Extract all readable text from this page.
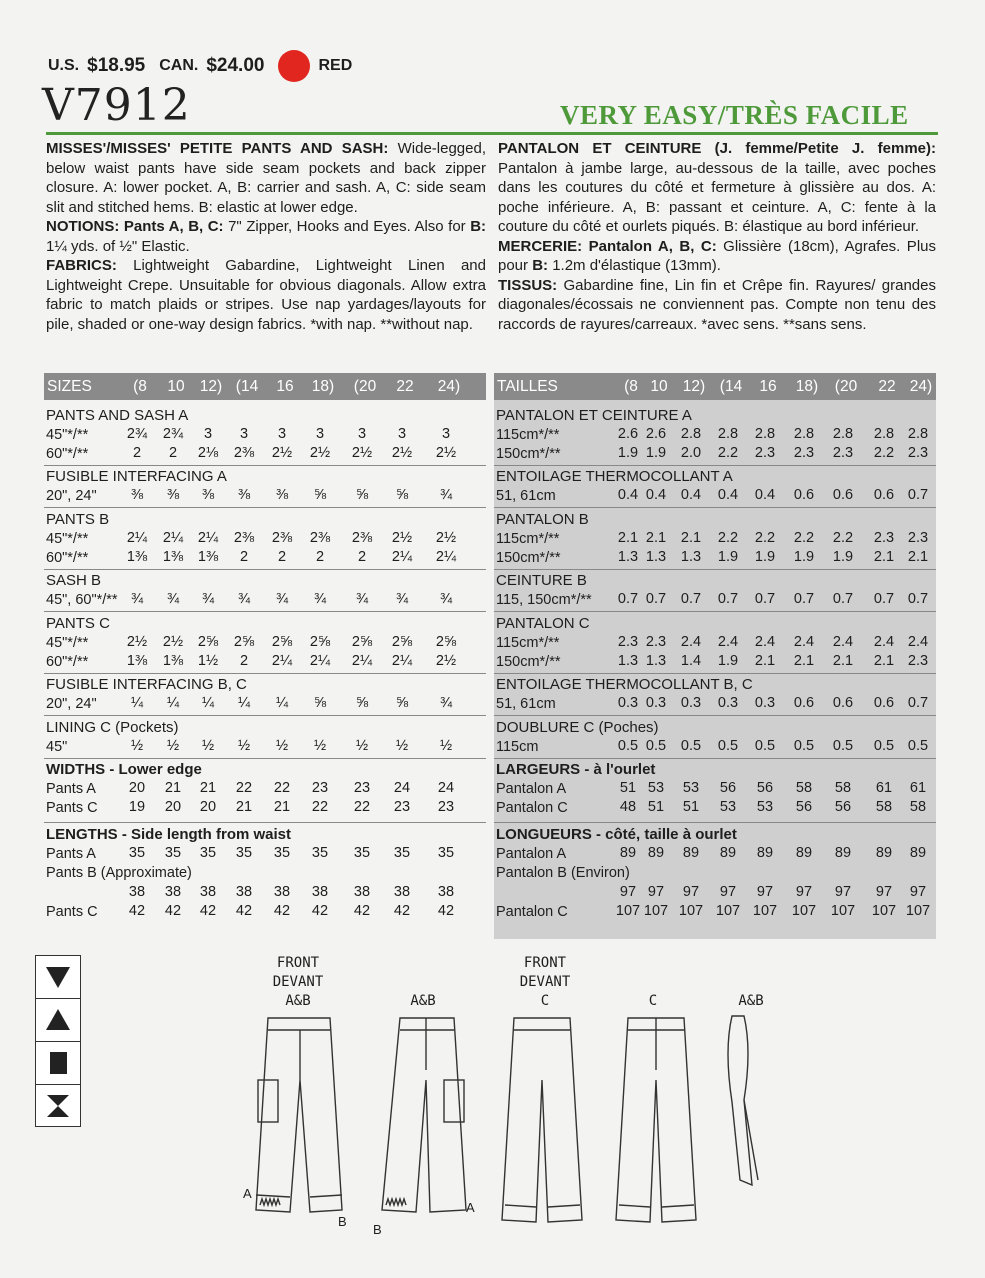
U.S. $18.95 CAN. $24.00	RED
V7912	VERY EASY/TRÈS FACILE
MISSES'/MISSES' PETITE PANTS AND SASH: Wide-legged, below waist pants have side seam pockets and back zipper closure. A: lower pocket. A, B: carrier and sash. A, C: side seam slit and stitched hems. B: elastic at lower edge.
NOTIONS: Pants A, B, C: 7" Zipper, Hooks and Eyes. Also for B: 1¼ yds. of ½" Elastic.
FABRICS: Lightweight Gabardine, Lightweight Linen and Lightweight Crepe. Unsuitable for obvious diagonals. Allow extra fabric to match plaids or stripes. Use nap yardages/layouts for pile, shaded or one-way design fabrics. *with nap. **without nap.
PANTALON ET CEINTURE (J. femme/Petite J. femme): Pantalon à jambe large, au-dessous de la taille, avec poches dans les coutures du côté et fermeture à glissière au dos. A: poche inférieure. A, B: passant et ceinture. A, C: fente à la couture du côté et ourlets piqués. B: élastique au bord inférieur.
MERCERIE: Pantalon A, B, C: Glissière (18cm), Agrafes. Plus pour B: 1.2m d'élastique (13mm).
TISSUS: Gabardine fine, Lin fin et Crêpe fin. Rayures/ grandes diagonales/écossais ne conviennent pas. Compte non tenu des raccords de rayures/carreaux. *avec sens. **sans sens.
SIZES	(8	10 12) (14	16	18) (20	22	24)
PANTS AND SASH A
45"*/**	2¾	2¾	3	3	3	3	3	3	3
60"*/**	2	2	2⅛	2⅜	2½	2½	2½	2½	2½
FUSIBLE INTERFACING A
20", 24"	⅜	⅜	⅜	⅜	⅜	⅝	⅝	⅝	¾
PANTS B
45"*/**	2¼	2¼	2¼	2⅜	2⅜	2⅜	2⅜	2½	2½
60"*/**	1⅜	1⅜	1⅜	2	2	2	2	2¼	2¼
SASH B
45", 60"*/** ¾	¾	¾	¾	¾	¾	¾	¾	¾
PANTS C
45"*/**	2½	2½	2⅝	2⅝	2⅝	2⅝	2⅝	2⅝	2⅝
60"*/**	1⅜	1⅜	1½	2	2¼	2¼	2¼	2¼	2½
FUSIBLE INTERFACING B, C
20", 24"	¼	¼	¼	¼	¼	⅝	⅝	⅝	¾
LINING C (Pockets)
45"	½	½	½	½	½	½	½	½	½
WIDTHS - Lower edge
Pants A	20	21	21	22	22	23	23	24	24
Pants C	19	20	20	21	21	22	22	23	23
LENGTHS - Side length from waist
Pants A	35	35	35	35	35	35	35	35	35
Pants B (Approximate)
38	38	38	38	38	38	38	38	38
Pants C	42	42	42	42	42	42	42	42	42
TAILLES	(8 10 12) (14	16	18) (20	22 24)
PANTALON ET CEINTURE A
115cm*/**	2.6 2.6	2.8	2.8	2.8	2.8	2.8	2.8 2.8
150cm*/**	1.9 1.9	2.0	2.2	2.3	2.3	2.3	2.2 2.3
ENTOILAGE THERMOCOLLANT A
51, 61cm	0.4 0.4	0.4	0.4	0.4	0.6	0.6	0.6 0.7
PANTALON B
115cm*/**	2.1 2.1	2.1	2.2	2.2	2.2	2.2	2.3 2.3
150cm*/**	1.3 1.3	1.3	1.9	1.9	1.9	1.9	2.1 2.1
CEINTURE B
115, 150cm*/**	0.7 0.7	0.7	0.7	0.7	0.7	0.7	0.7 0.7
PANTALON C
115cm*/**	2.3 2.3	2.4	2.4	2.4	2.4	2.4	2.4 2.4
150cm*/**	1.3 1.3	1.4	1.9	2.1	2.1	2.1	2.1 2.3
ENTOILAGE THERMOCOLLANT B, C
51, 61cm	0.3 0.3	0.3	0.3	0.3	0.6	0.6	0.6 0.7
DOUBLURE C (Poches)
115cm	0.5 0.5	0.5	0.5	0.5	0.5	0.5	0.5 0.5
LARGEURS - à l'ourlet
Pantalon A	51 53	53	56	56	58	58	61	61
Pantalon C	48 51	51	53	53	56	56	58	58
LONGUEURS - côté, taille à ourlet
Pantalon A	89 89	89	89	89	89	89	89	89
Pantalon B (Environ)
97 97	97	97	97	97	97	97	97
Pantalon C	107 107 107 107 107	107	107	107 107
FRONT
DEVANT
A&B	A&B
FRONT
DEVANT
C	C	A&B
A
B
B
A
